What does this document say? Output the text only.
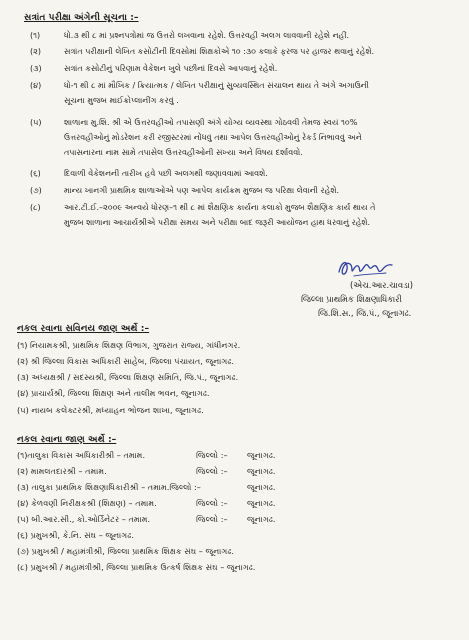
સત્રાંત પરીક્ષા અંગેની સૂચના :–
(૧)	ધો.૩ થી ૮ માં પ્રશ્નપત્રોમાં જ ઉત્તરો લખવાના રહેશે. ઉત્તરવહી અલગ લાવવાની રહેશે નહીં.
(૨)	સત્રાંત પરીક્ષાની લેખિત કસોટીની દિવસોમાં શિક્ષકોએ ૧૦ :૩૦ કલાકે ફરજ પર હાજર થવાનું રહેશે.
(૩)	સત્રાંત કસોટીનું પરિણામ વેકેશન ખુલે પછીનાં દિવસે આપવાનું રહેશે.
(૪)	ધો-૧ થી ૮ માં મૌખિક / ક્રિયાત્મક / લેખિત પરીક્ષાનું સુવ્યવસ્થિત સંચાલન થાય તે અંગે અગાઉની
સૂચના મુજબ માઈક્રોપ્લાનીંગ કરવું .
(૫)	શાળાના મુ.શિ. શ્રી એ ઉત્તરવહીઓ તપાસણી અંગે યોગ્ય વ્યવસ્થા ગોઠવવી તેમજ સ્વયં ૧૦%
ઉત્તરવહીઓનું મોડરેશન કરી રજીસ્ટરમાં નોંધવું તથા આપેલ ઉત્તરવહીઓનું રેકર્ડ નિભાવવું અને
તપાસનારના નામ સામે તપાસેલ ઉત્તરવહીઓની સંખ્યા અને વિષય દર્શાવવો.
(૬)	દિવાળી વેકેશનની તારીખ હવે પછી અલગથી જણાવવામાં આવશે.
(૭)	માન્ય ખાનગી પ્રાથમિક શાળાઓએ પણ આપેલ કાર્યક્રમ મુજબ જ પરિક્ષા લેવાની રહેશે.
(૮)	આર.ટી.ઈ.–૨૦૦૯ અન્વયે ધોરણ–૧ થી ૮ માં શૈક્ષણિક કાર્યના કલાકો મુજબ શૈક્ષણિક કાર્ય થાય તે
મુજબ શાળાના આચાર્યશ્રીએ પરીક્ષા સમય અને પરીક્ષા બાદ જરૂરી આયોજન હાથ ધરવાનું રહેશે.
(એચ.આર.ચાવડા)
જિલ્લા પ્રાથમિક શિક્ષણાધિકારી
જિ.શિ.સ., જિ.પં., જૂનાગઢ.
નકલ રવાના સવિનય જાણ અર્થે :–
(૧) નિયામકશ્રી, પ્રાથમિક શિક્ષણ વિભાગ, ગુજરાત રાજ્ય, ગાંધીનગર.
(૨) શ્રી જિલ્લા વિકાસ અધિકારી સાહેબ, જિલ્લા પંચાયત, જૂનાગઢ.
(૩) અધ્યક્ષશ્રી / સદસ્યશ્રી, જિલ્લા શિક્ષણ સમિતિ, જિ.પં., જૂનાગઢ.
(૪) પ્રાચાર્યશ્રી, જિલ્લા શિક્ષણ અને તાલીમ ભવન, જૂનાગઢ.
(૫) નાયબ કલેક્ટરશ્રી, મધ્યાહન ભોજન શાખા, જૂનાગઢ.
નકલ રવાના જાણ અર્થે :–
(૧)તાલુકા વિકાસ અધિકારીશ્રી – તમામ.	જિલ્લો :– જૂનાગઢ.
(૨) મામલતદારશ્રી – તમામ.	જિલ્લો :– જૂનાગઢ.
(૩) તાલુકા પ્રાથમિક શિક્ષણાધિકારીશ્રી – તમામ.જિલ્લો :–	જૂનાગઢ.
(૪) કેળવણી નિરીક્ષકશ્રી (શિક્ષણ) – તમામ.	જિલ્લો :– જૂનાગઢ.
(૫) બી.આર.સી., કો.ઓર્ડિનેટર – તમામ.	જિલ્લો :– જૂનાગઢ.
(૬) પ્રમુખશ્રી, કે.નિ. સંઘ – જૂનાગઢ.
(૭) પ્રમુખશ્રી / મહામંત્રીશ્રી, જિલ્લા પ્રાથમિક શિક્ષક સંઘ – જૂનાગઢ.
(૮) પ્રમુખશ્રી / મહામંત્રીશ્રી, જિલ્લા પ્રાથમિક ઉત્કર્ષ શિક્ષક સંઘ – જૂનાગઢ.
